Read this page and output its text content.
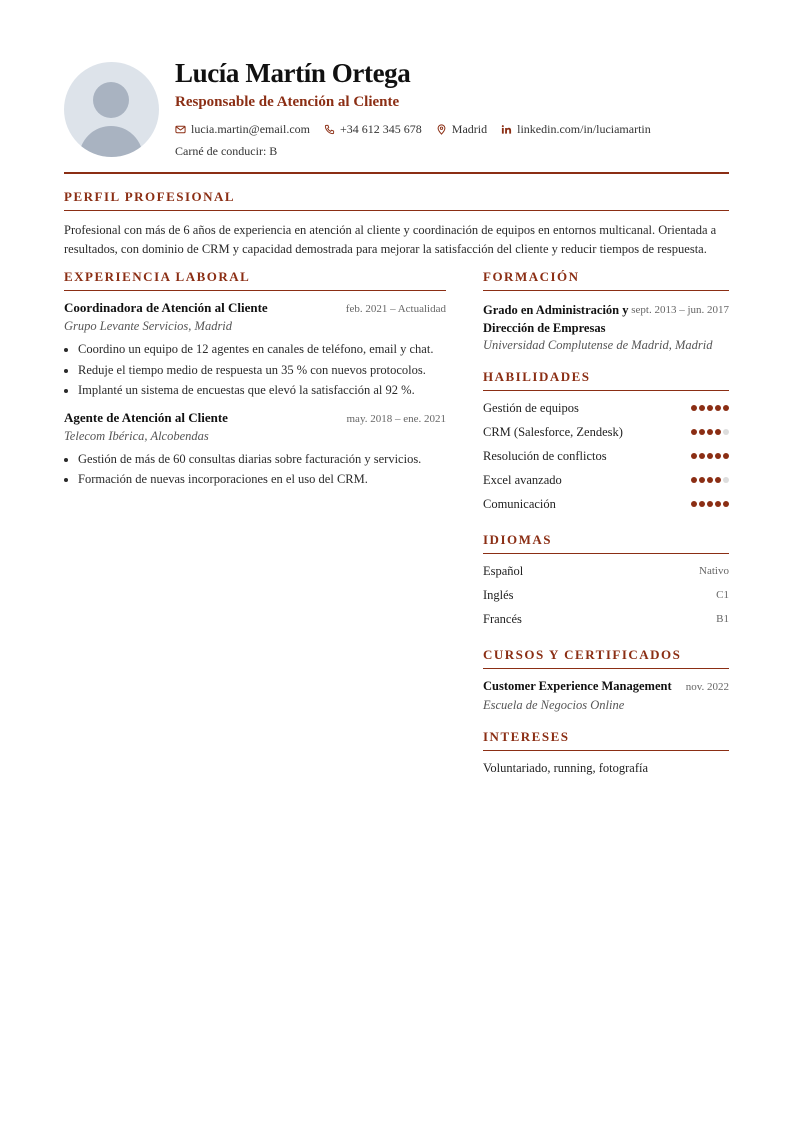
Lucía Martín Ortega
Responsable de Atención al Cliente
lucia.martin@email.com	+34 612 345 678	Madrid	linkedin.com/in/luciamartin
Carné de conducir: B
PERFIL PROFESIONAL

Profesional con más de 6 años de experiencia en atención al cliente y coordinación de equipos en entornos multicanal. Orientada a resultados, con dominio de CRM y capacidad demostrada para mejorar la satisfacción del cliente y reducir tiempos de respuesta.

EXPERIENCIA LABORAL
Coordinadora de Atención al Cliente	feb. 2021 – Actualidad
Grupo Levante Servicios, Madrid
• Coordino un equipo de 12 agentes en canales de teléfono, email y chat.
• Reduje el tiempo medio de respuesta un 35 % con nuevos protocolos.
• Implanté un sistema de encuestas que elevó la satisfacción al 92 %.
Agente de Atención al Cliente	may. 2018 – ene. 2021
Telecom Ibérica, Alcobendas
• Gestión de más de 60 consultas diarias sobre facturación y servicios.
• Formación de nuevas incorporaciones en el uso del CRM.
FORMACIÓN
Grado en Administración y Dirección de Empresas
sept. 2013 – jun. 2017
Universidad Complutense de Madrid, Madrid
HABILIDADES
Gestión de equipos
CRM (Salesforce, Zendesk)
Resolución de conflictos
Excel avanzado
Comunicación
IDIOMAS
Español	Nativo
Inglés	C1
Francés	B1
CURSOS Y CERTIFICADOS
Customer Experience Management nov. 2022
Escuela de Negocios Online
INTERESES
Voluntariado, running, fotografía
